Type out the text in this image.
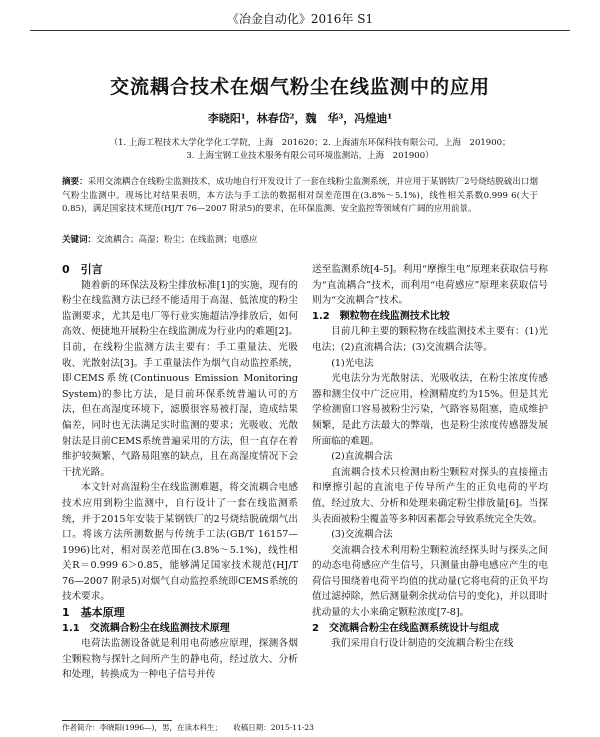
《冶金自动化》2016年 S1
交流耦合技术在烟气粉尘在线监测中的应用
李晓阳¹，林春岱²，魏　华³，冯煌迪¹
（1. 上海工程技术大学化学化工学院，上海　201620；2. 上海浦东环保科技有限公司，上海　201900；
3. 上海宝钢工业技术服务有限公司环境监测站，上海　201900）
摘要：采用交流耦合在线粉尘监测技术，成功地自行开发设计了一套在线粉尘监测系统，并应用于某钢铁厂2号烧结脱硫出口烟气粉尘监测中。现场比对结果表明，本方法与手工法的数据相对误差范围在(3.8%～5.1%)，线性相关系数0.999 6(大于0.85)，满足国家技术规范(HJ/T 76—2007 附录5)的要求，在环保监测、安全监控等领域有广阔的应用前景。
关键词：交流耦合；高湿；粉尘；在线监测；电感应
0　引言

随着新的环保法及粉尘排放标准[1]的实施，现有的粉尘在线监测方法已经不能适用于高湿、低浓度的粉尘监测要求，尤其是电厂等行业实施超洁净排放后，如何高效、便捷地开展粉尘在线监测成为行业内的难题[2]。目前，在线粉尘监测方法主要有：手工重量法、光吸收、光散射法[3]。手工重量法作为烟气自动监控系统，即CEMS系统(Continuous Emission Monitoring System)的参比方法，是目前环保系统普遍认可的方法，但在高湿度环境下，滤膜很容易被打湿，造成结果偏差，同时也无法满足实时监测的要求；光吸收、光散射法是目前CEMS系统普遍采用的方法，但一直存在着维护较频繁、气路易阻塞的缺点，且在高湿度情况下会干扰光路。

本文针对高湿粉尘在线监测难题，将交流耦合电感技术应用到粉尘监测中，自行设计了一套在线监测系统，并于2015年安装于某钢铁厂的2号烧结脱硫烟气出口。将该方法所测数据与传统手工法(GB/T 16157—1996)比对，相对误差范围在(3.8%～5.1%)，线性相关R＝0.999 6＞0.85，能够满足国家技术规范(HJ/T 76—2007 附录5)对烟气自动监控系统即CEMS系统的技术要求。

1　基本原理
1.1　交流耦合粉尘在线监测技术原理

电荷法监测设备就是利用电荷感应原理，探测各烟尘颗粒物与探针之间所产生的静电荷，经过放大、分析和处理，转换成为一种电子信号并传

送至监测系统[4-5]。利用“摩擦生电”原理来获取信号称为“直流耦合”技术，而利用“电荷感应”原理来获取信号则为“交流耦合”技术。

1.2　颗粒物在线监测技术比较

目前几种主要的颗粒物在线监测技术主要有：(1)光电法；(2)直流耦合法；(3)交流耦合法等。

(1)光电法

光电法分为光散射法、光吸收法，在粉尘浓度传感器和测尘仪中广泛应用，检测精度约为15%。但是其光学检测窗口容易被粉尘污染，气路容易阻塞，造成维护频繁，是此方法最大的弊端，也是粉尘浓度传感器发展所面临的难题。

(2)直流耦合法

直流耦合技术只检测由粉尘颗粒对探头的直接撞击和摩擦引起的直流电子传导所产生的正负电荷的平均值，经过放大、分析和处理来确定粉尘排放量[6]。当探头表面被粉尘覆盖等多种因素都会导致系统完全失效。

(3)交流耦合法

交流耦合技术利用粉尘颗粒流经探头时与探头之间的动态电荷感应产生信号，只测量由静电感应产生的电荷信号围绕着电荷平均值的扰动量(它将电荷的正负平均值过滤掉除，然后测量剩余扰动信号的变化)，并以即时扰动量的大小来确定颗粒浓度[7-8]。

2　交流耦合粉尘在线监测系统设计与组成

我们采用自行设计制造的交流耦合粉尘在线

作者简介：李晓阳(1996—)，男，在读本科生；　　收稿日期：2015-11-23
